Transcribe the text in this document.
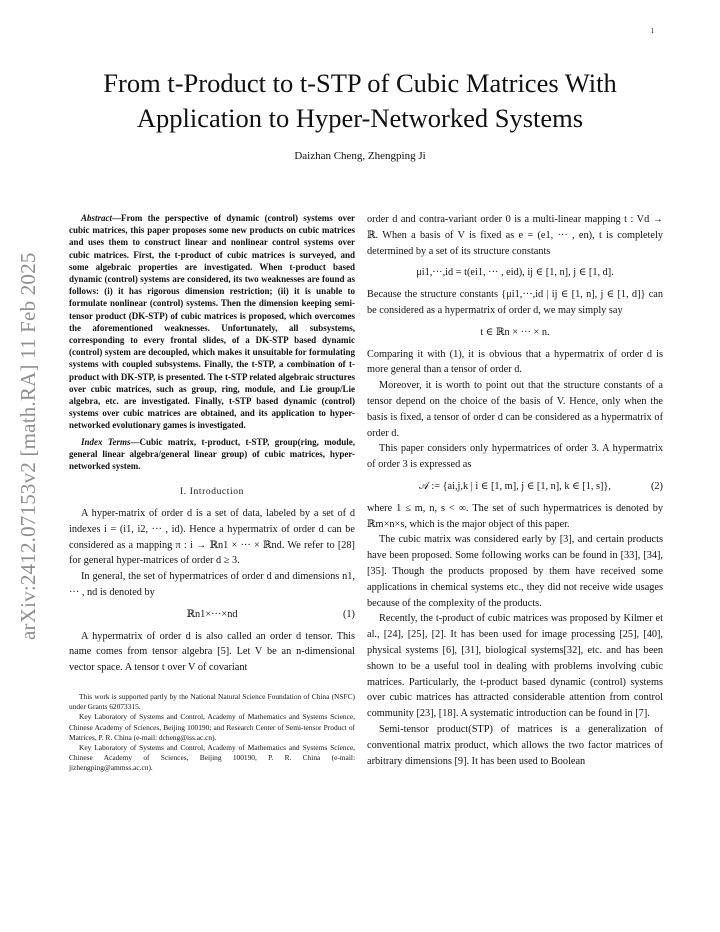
1
arXiv:2412.07153v2 [math.RA] 11 Feb 2025
From t-Product to t-STP of Cubic Matrices With Application to Hyper-Networked Systems
Daizhan Cheng, Zhengping Ji

Abstract—From the perspective of dynamic (control) systems over cubic matrices, this paper proposes some new products on cubic matrices and uses them to construct linear and nonlinear control systems over cubic matrices. First, the t-product of cubic matrices is surveyed, and some algebraic properties are investigated. When t-product based dynamic (control) systems are considered, its two weaknesses are found as follows: (i) it has rigorous dimension restriction; (ii) it is unable to formulate nonlinear (control) systems. Then the dimension keeping semi-tensor product (DK-STP) of cubic matrices is proposed, which overcomes the aforementioned weaknesses. Unfortunately, all subsystems, corresponding to every frontal slides, of a DK-STP based dynamic (control) system are decoupled, which makes it unsuitable for formulating systems with coupled subsystems. Finally, the t-STP, a combination of t-product with DK-STP, is presented. The t-STP related algebraic structures over cubic matrices, such as group, ring, module, and Lie group/Lie algebra, etc. are investigated. Finally, t-STP based dynamic (control) systems over cubic matrices are obtained, and its application to hyper-networked evolutionary games is investigated.

Index Terms—Cubic matrix, t-product, t-STP, group(ring, module, general linear algebra/general linear group) of cubic matrices, hyper-networked system.

I. Introduction

A hyper-matrix of order d is a set of data, labeled by a set of d indexes i = (i1, i2, ··· , id). Hence a hypermatrix of order d can be considered as a mapping π : i → ℝn1 × ··· × ℝnd. We refer to [28] for general hyper-matrices of order d ≥ 3.

In general, the set of hypermatrices of order d and dimensions n1, ··· , nd is denoted by

ℝn1×···×nd	(1)

A hypermatrix of order d is also called an order d tensor. This name comes from tensor algebra [5]. Let V be an n-dimensional vector space. A tensor t over V of covariant

This work is supported partly by the National Natural Science Foundation of China (NSFC) under Grants 62073315.

Key Laboratory of Systems and Control, Academy of Mathematics and Systems Science, Chinese Academy of Sciences, Beijing 100190; and Research Center of Semi-tensor Product of Matrices, P. R. China (e-mail: dcheng@iss.ac.cn).

Key Laboratory of Systems and Control, Academy of Mathematics and Systems Science, Chinese Academy of Sciences, Beijing 100190, P. R. China (e-mail: jizhengping@ammss.ac.cn).

order d and contra-variant order 0 is a multi-linear mapping t : Vd → ℝ. When a basis of V is fixed as e = (e1, ··· , en), t is completely determined by a set of its structure constants

μi1,···,id = t(ei1, ··· , eid), ij ∈ [1, n], j ∈ [1, d].

Because the structure constants {μi1,···,id | ij ∈ [1, n], j ∈ [1, d]} can be considered as a hypermatrix of order d, we may simply say

t ∈ ℝn × ··· × n.

Comparing it with (1), it is obvious that a hypermatrix of order d is more general than a tensor of order d.

Moreover, it is worth to point out that the structure constants of a tensor depend on the choice of the basis of V. Hence, only when the basis is fixed, a tensor of order d can be considered as a hypermatrix of order d.

This paper considers only hypermatrices of order 3. A hypermatrix of order 3 is expressed as

𝒜 := {ai,j,k | i ∈ [1, m], j ∈ [1, n], k ∈ [1, s]},	(2)

where 1 ≤ m, n, s < ∞. The set of such hypermatrices is denoted by ℝm×n×s, which is the major object of this paper.

The cubic matrix was considered early by [3], and certain products have been proposed. Some following works can be found in [33], [34], [35]. Though the products proposed by them have received some applications in chemical systems etc., they did not receive wide usages because of the complexity of the products.

Recently, the t-product of cubic matrices was proposed by Kilmer et al., [24], [25], [2]. It has been used for image processing [25], [40], physical systems [6], [31], biological systems[32], etc. and has been shown to be a useful tool in dealing with problems involving cubic matrices. Particularly, the t-product based dynamic (control) systems over cubic matrices has attracted considerable attention from control community [23], [18]. A systematic introduction can be found in [7].

Semi-tensor product(STP) of matrices is a generalization of conventional matrix product, which allows the two factor matrices of arbitrary dimensions [9]. It has been used to Boolean
